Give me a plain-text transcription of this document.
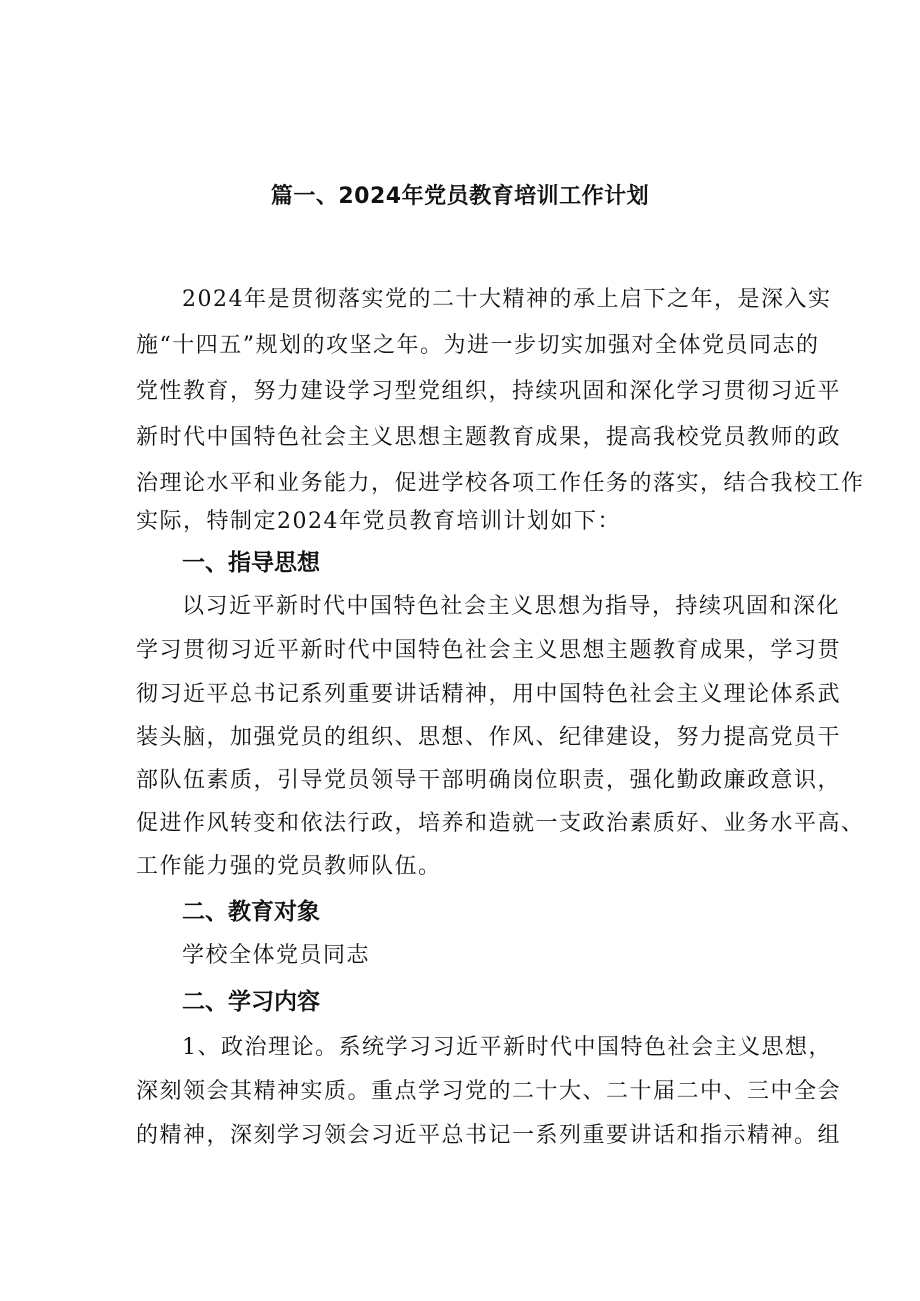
篇一、2024年党员教育培训工作计划
2024年是贯彻落实党的二十大精神的承上启下之年，是深入实
施“十四五”规划的攻坚之年。为进一步切实加强对全体党员同志的
党性教育，努力建设学习型党组织，持续巩固和深化学习贯彻习近平
新时代中国特色社会主义思想主题教育成果，提高我校党员教师的政
治理论水平和业务能力，促进学校各项工作任务的落实，结合我校工作
实际，特制定2024年党员教育培训计划如下：
一、指导思想
以习近平新时代中国特色社会主义思想为指导，持续巩固和深化
学习贯彻习近平新时代中国特色社会主义思想主题教育成果，学习贯
彻习近平总书记系列重要讲话精神，用中国特色社会主义理论体系武
装头脑，加强党员的组织、思想、作风、纪律建设，努力提高党员干
部队伍素质，引导党员领导干部明确岗位职责，强化勤政廉政意识，
促进作风转变和依法行政，培养和造就一支政治素质好、业务水平高、
工作能力强的党员教师队伍。
二、教育对象
学校全体党员同志
二、学习内容
1、政治理论。系统学习习近平新时代中国特色社会主义思想，
深刻领会其精神实质。重点学习党的二十大、二十届二中、三中全会
的精神，深刻学习领会习近平总书记一系列重要讲话和指示精神。组
